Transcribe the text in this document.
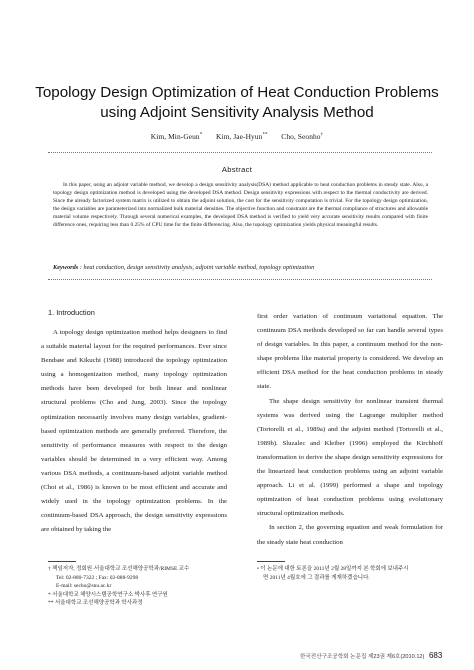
Topology Design Optimization of Heat Conduction Problems
using Adjoint Sensitivity Analysis Method
Kim, Min-Geun* Kim, Jae-Hyun** Cho, Seonho†
Abstract

In this paper, using an adjoint variable method, we develop a design sensitivity analysis(DSA) method applicable to heat conduction problems in steady state. Also, a topology design optimization method is developed using the developed DSA method. Design sensitivity expressions with respect to the thermal conductivity are derived. Since the already factorized system matrix is utilized to obtain the adjoint solution, the cost for the sensitivity computation is trivial. For the topology design optimization, the design variables are parameterized into normalized bulk material densities. The objective function and constraint are the thermal compliance of structures and allowable material volume respectively. Through several numerical examples, the developed DSA method is verified to yield very accurate sensitivity results compared with finite difference ones, requiring less than 0.25% of CPU time for the finite differencing. Also, the topology optimization yields physical meaningful results.

Keywords : heat conduction, design sensitivity analysis, adjoint variable method, topology optimization
1. Introduction

A topology design optimization method helps designers to find a suitable material layout for the required performances. Ever since Bendsøe and Kikuchi (1988) introduced the topology optimization using a homogenization method, many topology optimization methods have been developed for both linear and nonlinear structural problems (Cho and Jung, 2003). Since the topology optimization necessarily involves many design variables, gradient-based optimization methods are generally preferred. Therefore, the sensitivity of performance measures with respect to the design variables should be determined in a very efficient way. Among various DSA methods, a continuum-based adjoint variable method (Choi et al., 1986) is known to be most efficient and accurate and widely used in the topology optimization problems. In the continuum-based DSA approach, the design sensitivity expressions are obtained by taking the

first order variation of continuum variational equation. The continuum DSA methods developed so far can handle several types of design variables. In this paper, a continuum method for the non-shape problems like material property is considered. We develop an efficient DSA method for the heat conduction problems in steady state.

The shape design sensitivity for nonlinear transient thermal systems was derived using the Lagrange multiplier method (Tortorelli et al., 1989a) and the adjoint method (Tortorelli et al., 1989b). Sluzalec and Kleiber (1996) employed the Kirchhoff transformation to derive the shape design sensitivity expressions for the linearized heat conduction problems using an adjoint variable approach. Li et al. (1999) performed a shape and topology optimization of heat conduction problems using evolutionary structural optimization methods.

In section 2, the governing equation and weak formulation for the steady state heat conduction

† 책임저자, 정회원·서울대학교 조선해양공학과/RIMSE 교수
Tel: 02-880-7322 ; Fax: 02-888-9298
E-mail: secho@snu.ac.kr
* 서울대학교 해양시스템공학연구소 박사후 연구원
** 서울대학교 조선해양공학과 학사과정
• 이 논문에 대한 토론을 2011년 2월 28일까지 본 학회에 보내주시
면 2011년 4월호에 그 결과를 게재하겠습니다.
한국전산구조공학회 논문집 제23권 제6호(2010.12) 683
